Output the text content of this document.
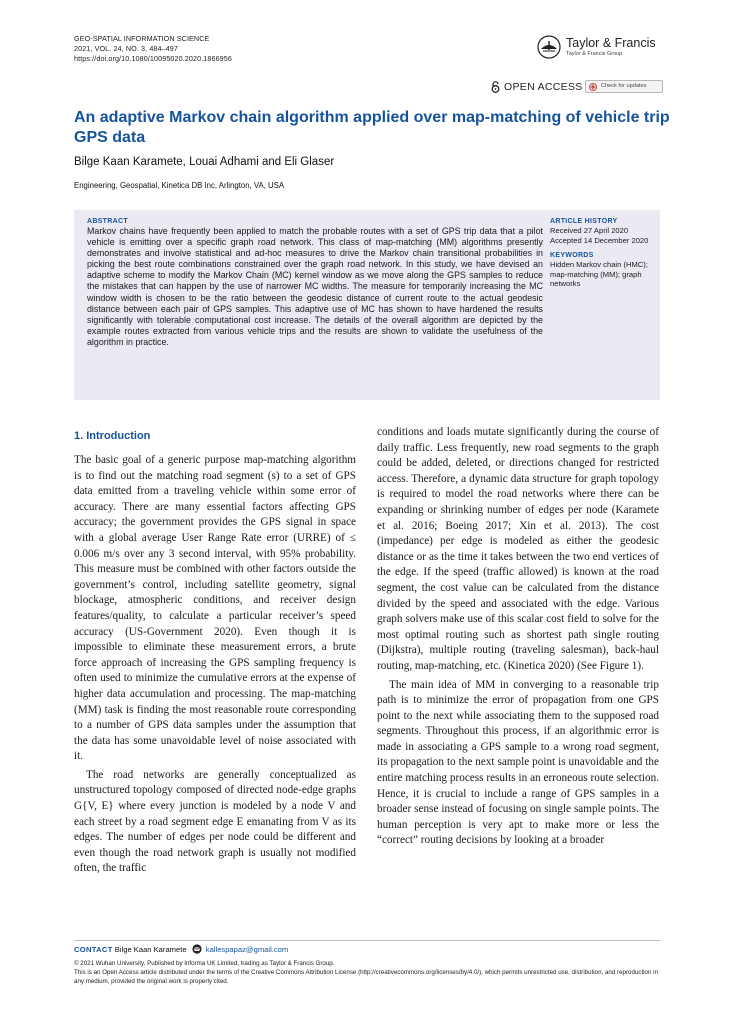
GEO-SPATIAL INFORMATION SCIENCE
2021, VOL. 24, NO. 3, 484–497
https://doi.org/10.1080/10095020.2020.1866956
Taylor & Francis
Taylor & Francis Group
OPEN ACCESS	Check for updates
An adaptive Markov chain algorithm applied over map-matching of vehicle trip GPS data
Bilge Kaan Karamete, Louai Adhami and Eli Glaser
Engineering, Geospatial, Kinetica DB Inc, Arlington, VA, USA
ABSTRACT
Markov chains have frequently been applied to match the probable routes with a set of GPS trip data that a pilot vehicle is emitting over a specific graph road network. This class of map-matching (MM) algorithms presently demonstrates and involve statistical and ad-hoc measures to drive the Markov chain transitional probabilities in picking the best route combinations constrained over the graph road network. In this study, we have devised an adaptive scheme to modify the Markov Chain (MC) kernel window as we move along the GPS samples to reduce the mistakes that can happen by the use of narrower MC widths. The measure for temporarily increasing the MC window width is chosen to be the ratio between the geodesic distance of current route to the actual geodesic distance between each pair of GPS samples. This adaptive use of MC has shown to have hardened the results significantly with tolerable computational cost increase. The details of the overall algorithm are depicted by the example routes extracted from various vehicle trips and the results are shown to validate the usefulness of the algorithm in practice.
ARTICLE HISTORY
Received 27 April 2020
Accepted 14 December 2020
KEYWORDS
Hidden Markov chain (HMC); map-matching (MM); graph networks
1. Introduction
The basic goal of a generic purpose map-matching algorithm is to find out the matching road segment (s) to a set of GPS data emitted from a traveling vehicle within some error of accuracy. There are many essential factors affecting GPS accuracy; the government provides the GPS signal in space with a global average User Range Rate error (URRE) of ≤ 0.006 m/s over any 3 second interval, with 95% probability. This measure must be combined with other factors outside the government’s control, including satellite geometry, signal blockage, atmospheric conditions, and receiver design features/quality, to calculate a particular receiver’s speed accuracy (US-Government 2020). Even though it is impossible to eliminate these measurement errors, a brute force approach of increasing the GPS sampling frequency is often used to minimize the cumulative errors at the expense of higher data accumulation and processing. The map-matching (MM) task is finding the most reasonable route corresponding to a number of GPS data samples under the assumption that the data has some unavoidable level of noise associated with it.
The road networks are generally conceptualized as unstructured topology composed of directed node-edge graphs G{V, E} where every junction is modeled by a node V and each street by a road segment edge E emanating from V as its edges. The number of edges per node could be different and even though the road network graph is usually not modified often, the traffic
conditions and loads mutate significantly during the course of daily traffic. Less frequently, new road segments to the graph could be added, deleted, or directions changed for restricted access. Therefore, a dynamic data structure for graph topology is required to model the road networks where there can be expanding or shrinking number of edges per node (Karamete et al. 2016; Boeing 2017; Xin et al. 2013). The cost (impedance) per edge is modeled as either the geodesic distance or as the time it takes between the two end vertices of the edge. If the speed (traffic allowed) is known at the road segment, the cost value can be calculated from the distance divided by the speed and associated with the edge. Various graph solvers make use of this scalar cost field to solve for the most optimal routing such as shortest path single routing (Dijkstra), multiple routing (traveling salesman), back-haul routing, map-matching, etc. (Kinetica 2020) (See Figure 1).
The main idea of MM in converging to a reasonable trip path is to minimize the error of propagation from one GPS point to the next while associating them to the supposed road segments. Throughout this process, if an algorithmic error is made in associating a GPS sample to a wrong road segment, its propagation to the next sample point is unavoidable and the entire matching process results in an erroneous route selection. Hence, it is crucial to include a range of GPS samples in a broader sense instead of focusing on single sample points. The human perception is very apt to make more or less the “correct” routing decisions by looking at a broader
CONTACT Bilge Kaan Karamete	kallespapaz@gmail.com
© 2021 Wuhan University. Published by Informa UK Limited, trading as Taylor & Francis Group.
This is an Open Access article distributed under the terms of the Creative Commons Attribution License (http://creativecommons.org/licenses/by/4.0/), which permits unrestricted use, distribution, and reproduction in any medium, provided the original work is properly cited.
